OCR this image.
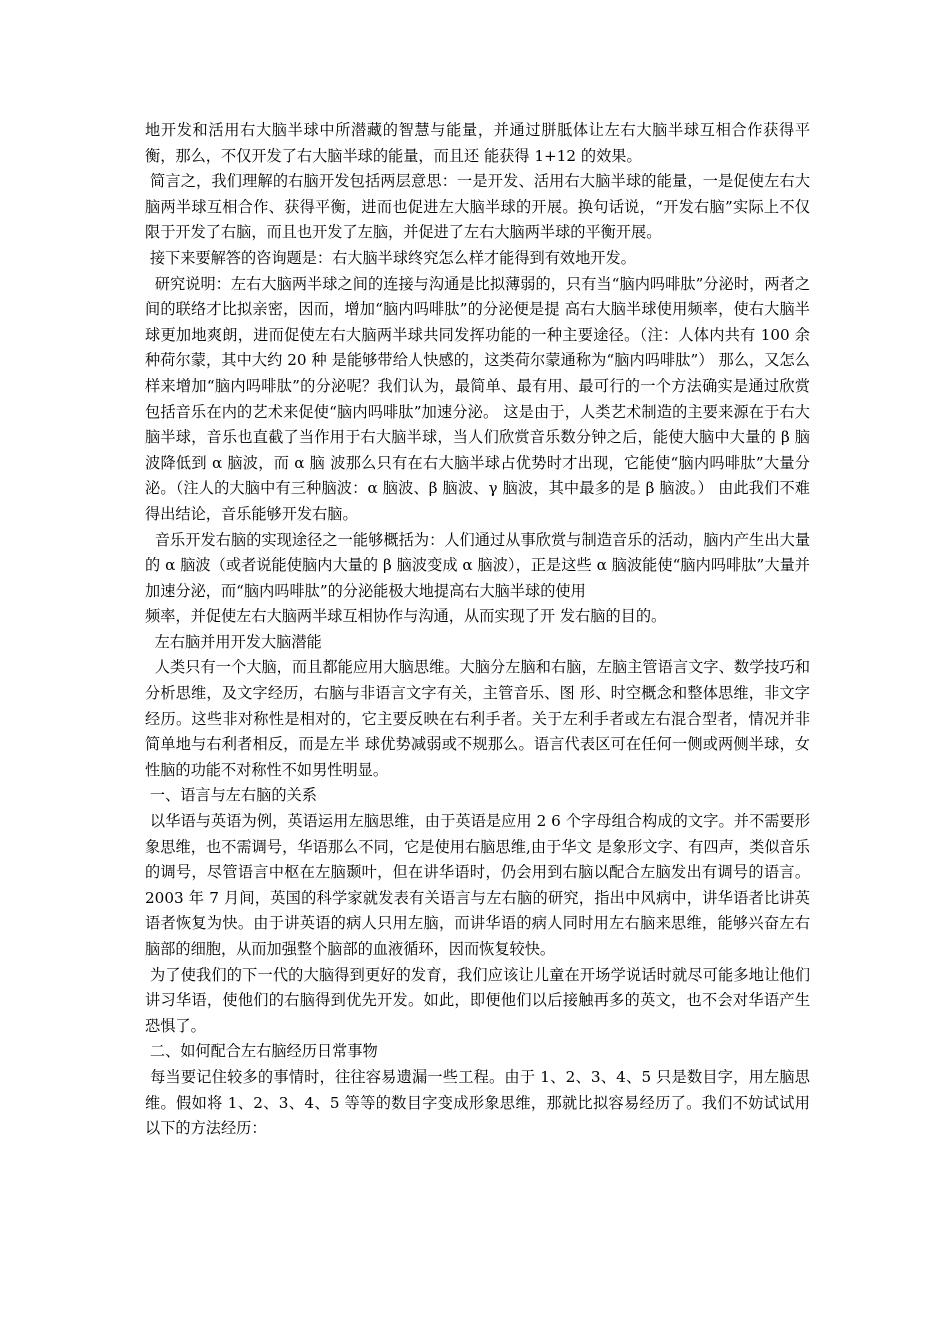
地开发和活用右大脑半球中所潜藏的智慧与能量，并通过胼胝体让左右大脑半球互相合作获得平衡，那么，不仅开发了右大脑半球的能量，而且还 能获得 1+12 的效果。

简言之，我们理解的右脑开发包括两层意思：一是开发、活用右大脑半球的能量，一是促使左右大脑两半球互相合作、获得平衡，进而也促进左大脑半球的开展。换句话说，“开发右脑”实际上不仅限于开发了右脑，而且也开发了左脑，并促进了左右大脑两半球的平衡开展。

接下来要解答的咨询题是：右大脑半球终究怎么样才能得到有效地开发。

研究说明：左右大脑两半球之间的连接与沟通是比拟薄弱的，只有当“脑内吗啡肽”分泌时，两者之间的联络才比拟亲密，因而，增加“脑内吗啡肽”的分泌便是提 高右大脑半球使用频率，使右大脑半球更加地爽朗，进而促使左右大脑两半球共同发挥功能的一种主要途径。（注：人体内共有 100 余种荷尔蒙，其中大约 20 种 是能够带给人快感的，这类荷尔蒙通称为“脑内吗啡肽”） 那么，又怎么样来增加“脑内吗啡肽”的分泌呢？我们认为，最简单、最有用、最可行的一个方法确实是通过欣赏包括音乐在内的艺术来促使“脑内吗啡肽”加速分泌。 这是由于，人类艺术制造的主要来源在于右大脑半球，音乐也直截了当作用于右大脑半球，当人们欣赏音乐数分钟之后，能使大脑中大量的 β 脑波降低到 α 脑波，而 α 脑 波那么只有在右大脑半球占优势时才出现，它能使“脑内吗啡肽”大量分泌。（注人的大脑中有三种脑波：α 脑波、β 脑波、γ 脑波，其中最多的是 β 脑波。） 由此我们不难得出结论，音乐能够开发右脑。

音乐开发右脑的实现途径之一能够概括为：人们通过从事欣赏与制造音乐的活动，脑内产生出大量的 α 脑波（或者说能使脑内大量的 β 脑波变成 α 脑波），正是这些 α 脑波能使“脑内吗啡肽”大量并加速分泌，而“脑内吗啡肽”的分泌能极大地提高右大脑半球的使用

频率，并促使左右大脑两半球互相协作与沟通，从而实现了开 发右脑的目的。

左右脑并用开发大脑潜能

人类只有一个大脑，而且都能应用大脑思维。大脑分左脑和右脑，左脑主管语言文字、数学技巧和分析思维，及文字经历，右脑与非语言文字有关，主管音乐、图 形、时空概念和整体思维，非文字经历。这些非对称性是相对的，它主要反映在右利手者。关于左利手者或左右混合型者，情况并非简单地与右利者相反，而是左半 球优势减弱或不规那么。语言代表区可在任何一侧或两侧半球，女性脑的功能不对称性不如男性明显。

一、语言与左右脑的关系

以华语与英语为例，英语运用左脑思维，由于英语是应用 2 6 个字母组合构成的文字。并不需要形象思维，也不需调号，华语那么不同，它是使用右脑思维,由于华文 是象形文字、有四声，类似音乐的调号，尽管语言中枢在左脑颞叶，但在讲华语时，仍会用到右脑以配合左脑发出有调号的语言。 2003 年 7 月间，英国的科学家就发表有关语言与左右脑的研究，指出中风病中，讲华语者比讲英语者恢复为快。由于讲英语的病人只用左脑，而讲华语的病人同时用左右脑来思维，能够兴奋左右脑部的细胞，从而加强整个脑部的血液循环，因而恢复较快。

为了使我们的下一代的大脑得到更好的发育，我们应该让儿童在开场学说话时就尽可能多地让他们讲习华语，使他们的右脑得到优先开发。如此，即便他们以后接触再多的英文，也不会对华语产生恐惧了。

二、如何配合左右脑经历日常事物

每当要记住较多的事情时，往往容易遗漏一些工程。由于 1、2、3、4、5 只是数目字，用左脑思维。假如将 1、2、3、4、5 等等的数目字变成形象思维，那就比拟容易经历了。我们不妨试试用以下的方法经历：
